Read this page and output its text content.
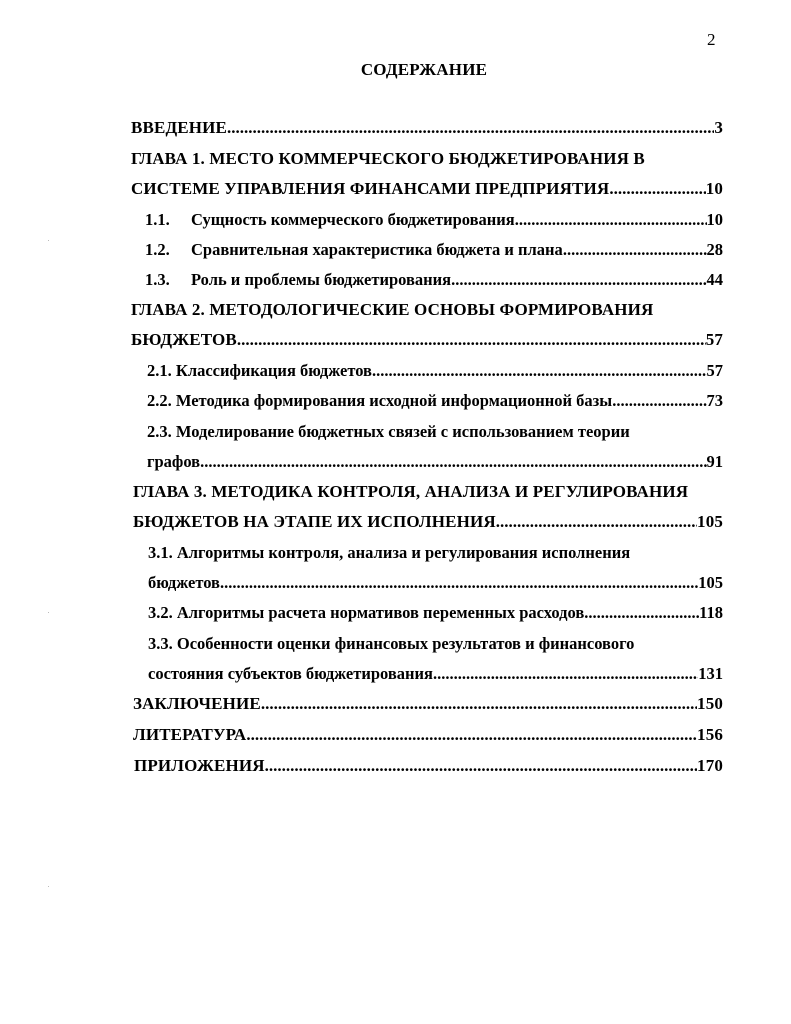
2
СОДЕРЖАНИЕ
ВВЕДЕНИЕ .....	3
ГЛАВА 1. МЕСТО КОММЕРЧЕСКОГО БЮДЖЕТИРОВАНИЯ В
СИСТЕМЕ УПРАВЛЕНИЯ ФИНАНСАМИ ПРЕДПРИЯТИЯ .....	10
1.1.	Сущность коммерческого бюджетирования .....	10
1.2.	Сравнительная характеристика бюджета и плана .....	28
1.3.	Роль и проблемы бюджетирования .....	44
ГЛАВА 2. МЕТОДОЛОГИЧЕСКИЕ ОСНОВЫ ФОРМИРОВАНИЯ
БЮДЖЕТОВ .....	57
2.1. Классификация бюджетов .....	57
2.2. Методика формирования исходной информационной базы .....	73
2.3. Моделирование бюджетных связей с использованием теории
графов .....	91
ГЛАВА 3. МЕТОДИКА КОНТРОЛЯ, АНАЛИЗА И РЕГУЛИРОВАНИЯ
БЮДЖЕТОВ НА ЭТАПЕ ИХ ИСПОЛНЕНИЯ .....	105
3.1. Алгоритмы контроля, анализа и регулирования исполнения
бюджетов .....	105
3.2. Алгоритмы расчета нормативов переменных расходов .....	118
3.3. Особенности оценки финансовых результатов и финансового
состояния субъектов бюджетирования .....	131
ЗАКЛЮЧЕНИЕ .....	150
ЛИТЕРАТУРА .....	156
ПРИЛОЖЕНИЯ .....	170
